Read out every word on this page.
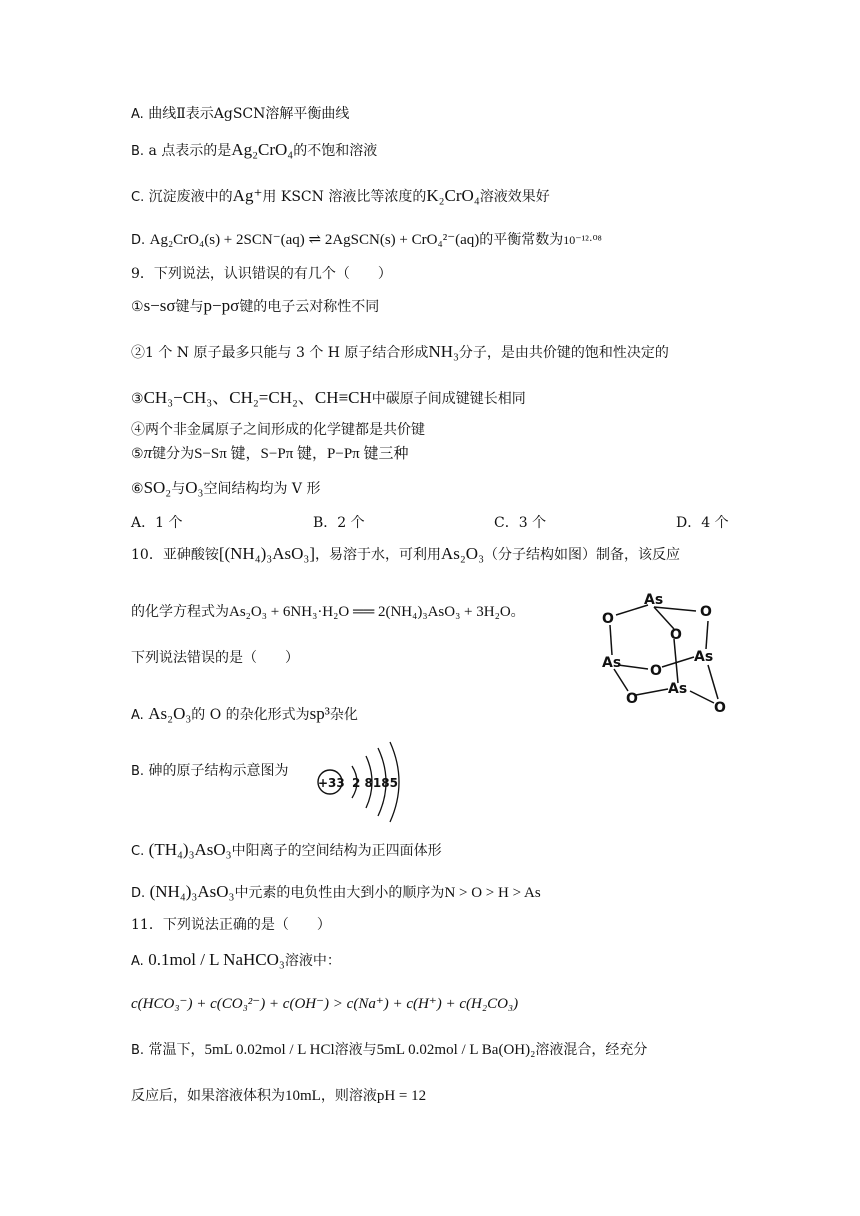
A. 曲线Ⅱ表示AgSCN溶解平衡曲线
B. a 点表示的是Ag₂CrO₄的不饱和溶液
C. 沉淀废液中的Ag⁺用 KSCN 溶液比等浓度的K₂CrO₄溶液效果好
D. Ag₂CrO₄(s) + 2SCN⁻(aq) ⇌ 2AgSCN(s) + CrO₄²⁻(aq)的平衡常数为10⁻¹²·⁰⁸
9．下列说法，认识错误的有几个（　　）
①s−sσ键与p−pσ键的电子云对称性不同
②1 个 N 原子最多只能与 3 个 H 原子结合形成NH₃分子，是由共价键的饱和性决定的
③CH₃−CH₃、CH₂=CH₂、CH≡CH中碳原子间成键键长相同
④两个非金属原子之间形成的化学键都是共价键
⑤π键分为S−Sπ 键，S−Pπ 键，P−Pπ 键三种
⑥SO₂与O₃空间结构均为 V 形
A．1 个	B．2 个	C．3 个	D．4 个
10．亚砷酸铵[(NH₄)₃AsO₃]，易溶于水，可利用As₂O₃（分子结构如图）制备，该反应
的化学方程式为As₂O₃ + 6NH₃·H₂O ══ 2(NH₄)₃AsO₃ + 3H₂O。
下列说法错误的是（　　）
As
O
O
As
O
As O
As
O
O
A. As₂O₃的 O 的杂化形式为sp³杂化
B. 砷的原子结构示意图为
+33 2 8185
C. (TH₄)₃AsO₃中阳离子的空间结构为正四面体形
D. (NH₄)₃AsO₃中元素的电负性由大到小的顺序为N > O > H > As
11．下列说法正确的是（　　）
A. 0.1mol / L NaHCO₃溶液中：
c(HCO₃⁻) + c(CO₃²⁻) + c(OH⁻) > c(Na⁺) + c(H⁺) + c(H₂CO₃)
B. 常温下，5mL 0.02mol / L HCl溶液与5mL 0.02mol / L Ba(OH)₂溶液混合，经充分
反应后，如果溶液体积为10mL，则溶液pH = 12
